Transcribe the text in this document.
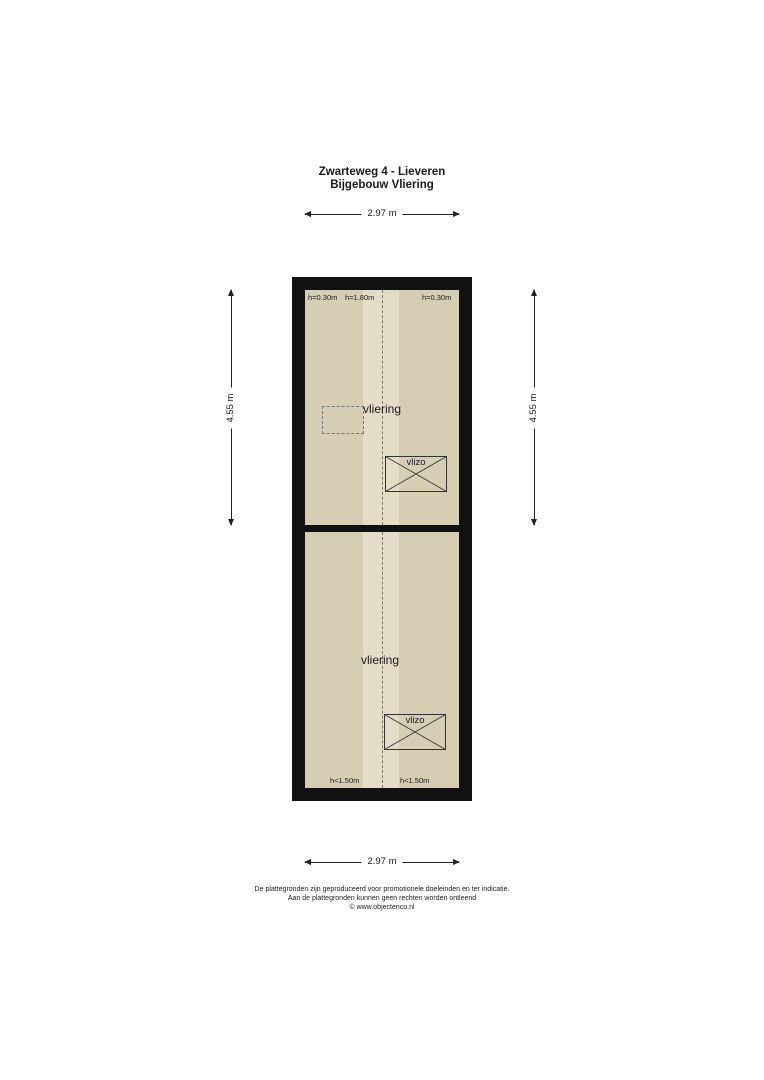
Zwarteweg 4 - Lieveren
Bijgebouw Vliering
2.97 m
4.55 m	4.55 m
h=0.30m h=1.80m	h=0.30m
vliering
vlizo
vliering
vlizo
h<1.50m	h<1.50m
2.97 m
De plattegronden zijn geproduceerd voor promotionele doeleinden en ter indicatie.
Aan de plattegronden kunnen geen rechten worden ontleend
© www.objectenco.nl
